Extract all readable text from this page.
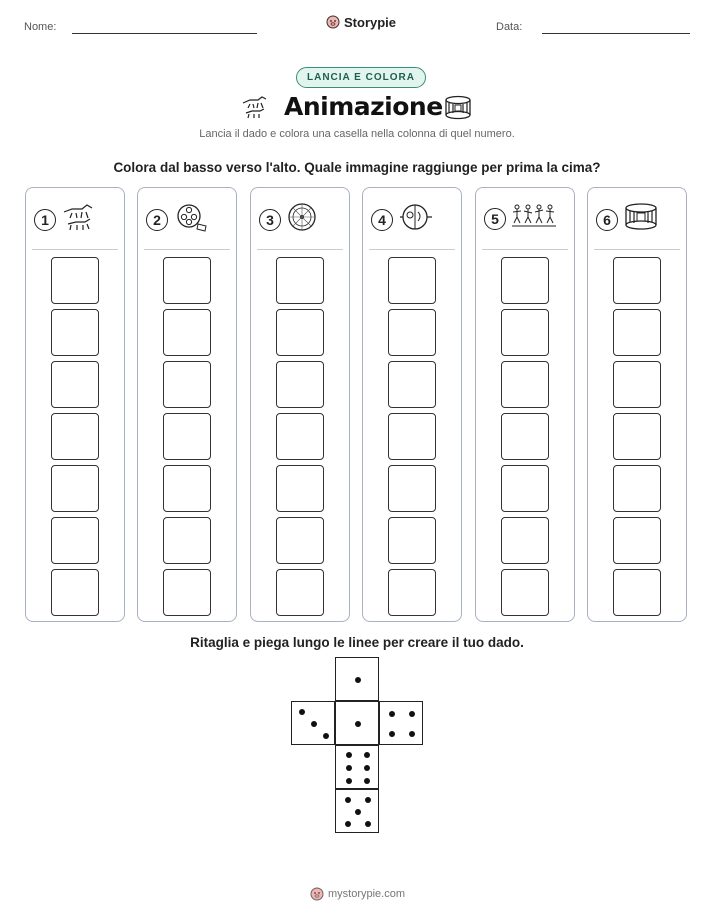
Nome:	Storypie	Data:
LANCIA E COLORA
Animazione
Lancia il dado e colora una casella nella colonna di quel numero.
Colora dal basso verso l'alto. Quale immagine raggiunge per prima la cima?
1	2	3	4	5	6
Ritaglia e piega lungo le linee per creare il tuo dado.
mystorypie.com
